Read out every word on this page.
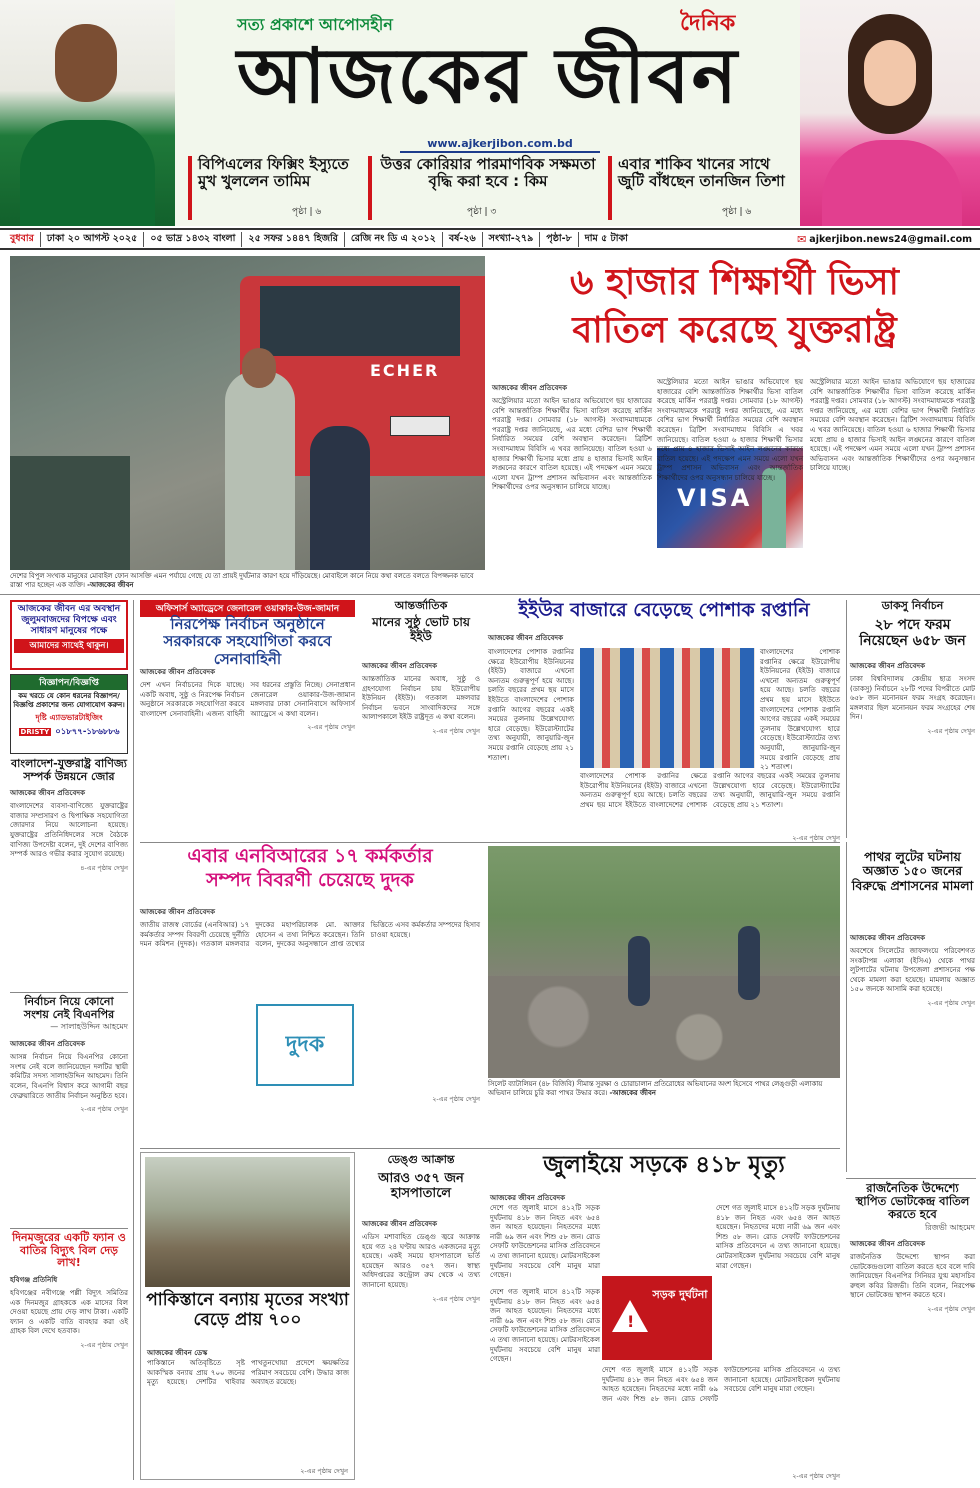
সত্য প্রকাশে আপোসহীন	দৈনিক
আজকের জীবন
www.ajkerjibon.com.bd
বিপিএলের ফিক্সিং ইস্যুতে মুখ খুললেন তামিম
পৃষ্ঠা | ৬
উত্তর কোরিয়ার পারমাণবিক সক্ষমতা বৃদ্ধি করা হবে : কিম
পৃষ্ঠা | ৩
এবার শাকিব খানের সাথে জুটি বাঁধছেন তানজিন তিশা
পৃষ্ঠা | ৬
বুধবার	ঢাকা ২০ আগস্ট ২০২৫	০৫ ভাদ্র ১৪৩২ বাংলা	২৫ সফর ১৪৪৭ হিজরি	রেজি নং ডি এ ২০১২	বর্ষ-২৬	সংখ্যা-২৭৯	পৃষ্ঠা-৮	দাম ৫ টাকা	✉ ajkerjibon.news24@gmail.com
ECHER
দেশের বিপুল সংখ্যক মানুষের মোবাইল ফোন আসক্তি এমন পর্যায়ে গেছে যে তা প্রায়ই দুর্ঘটনার কারণ হয়ে দাঁড়িয়েছে। মোবাইলে কানে নিয়ে কথা বলতে বলতে বিপজ্জনক ভাবে রাস্তা পার হচ্ছেন এক ব্যক্তি। -আজকের জীবন
৬ হাজার শিক্ষার্থী ভিসা
বাতিল করেছে যুক্তরাষ্ট্র
আজকের জীবন প্রতিবেদক
অস্ট্রেলিয়ার মতো আইন ভাঙার অভিযোগে ছয় হাজারের বেশি আন্তর্জাতিক শিক্ষার্থীর ভিসা বাতিল করেছে মার্কিন পররাষ্ট্র দপ্তর। সোমবার (১৮ আগস্ট) সংবাদমাধ্যমকে পররাষ্ট্র দপ্তর জানিয়েছে, এর মধ্যে বেশির ভাগ শিক্ষার্থী নির্ধারিত সময়ের বেশি অবস্থান করেছেন। ব্রিটিশ সংবাদমাধ্যম বিবিসি এ খবর জানিয়েছে। বাতিল হওয়া ৬ হাজার শিক্ষার্থী ভিসার মধ্যে প্রায় ৪ হাজার ভিসাই আইন লঙ্ঘনের কারণে বাতিল হয়েছে। এই পদক্ষেপ এমন সময়ে এলো যখন ট্রাম্প প্রশাসন অভিবাসন এবং আন্তর্জাতিক শিক্ষার্থীদের ওপর অনুসন্ধান চালিয়ে যাচ্ছে।	VISA
অস্ট্রেলিয়ার মতো আইন ভাঙার অভিযোগে ছয় হাজারের বেশি আন্তর্জাতিক শিক্ষার্থীর ভিসা বাতিল করেছে মার্কিন পররাষ্ট্র দপ্তর। সোমবার (১৮ আগস্ট) সংবাদমাধ্যমকে পররাষ্ট্র দপ্তর জানিয়েছে, এর মধ্যে বেশির ভাগ শিক্ষার্থী নির্ধারিত সময়ের বেশি অবস্থান করেছেন। ব্রিটিশ সংবাদমাধ্যম বিবিসি এ খবর জানিয়েছে। বাতিল হওয়া ৬ হাজার শিক্ষার্থী ভিসার মধ্যে প্রায় ৪ হাজার ভিসাই আইন লঙ্ঘনের কারণে বাতিল হয়েছে। এই পদক্ষেপ এমন সময়ে এলো যখন ট্রাম্প প্রশাসন অভিবাসন এবং আন্তর্জাতিক শিক্ষার্থীদের ওপর অনুসন্ধান চালিয়ে যাচ্ছে।
অস্ট্রেলিয়ার মতো আইন ভাঙার অভিযোগে ছয় হাজারের বেশি আন্তর্জাতিক শিক্ষার্থীর ভিসা বাতিল করেছে মার্কিন পররাষ্ট্র দপ্তর। সোমবার (১৮ আগস্ট) সংবাদমাধ্যমকে পররাষ্ট্র দপ্তর জানিয়েছে, এর মধ্যে বেশির ভাগ শিক্ষার্থী নির্ধারিত সময়ের বেশি অবস্থান করেছেন। ব্রিটিশ সংবাদমাধ্যম বিবিসি এ খবর জানিয়েছে। বাতিল হওয়া ৬ হাজার শিক্ষার্থী ভিসার মধ্যে প্রায় ৪ হাজার ভিসাই আইন লঙ্ঘনের কারণে বাতিল হয়েছে। এই পদক্ষেপ এমন সময়ে এলো যখন ট্রাম্প প্রশাসন অভিবাসন এবং আন্তর্জাতিক শিক্ষার্থীদের ওপর অনুসন্ধান চালিয়ে যাচ্ছে।
আজকের জীবন এর অবস্থান জুলুমবাজদের বিপক্ষে এবং সাধারণ মানুষের পক্ষে
আমাদের সাথেই থাকুন।
বিজ্ঞাপন/বিজ্ঞপ্তি
কম খরচে যে কোন ধরনের বিজ্ঞাপন/বিজ্ঞপ্তি প্রকাশের জন্য যোগাযোগ করুন।
দৃষ্টি এ্যাডভারটাইজিং
DRISTY ০১৮৭৭-১৮৬৮৮৬
বাংলাদেশ-যুক্তরাষ্ট্র বাণিজ্য সম্পর্ক উন্নয়নে জোর
আজকের জীবন প্রতিবেদক
বাংলাদেশের ব্যবসা-বাণিজ্যে যুক্তরাষ্ট্রের বাজার সম্প্রসারণ ও দ্বিপাক্ষিক সহযোগিতা জোরদার নিয়ে আলোচনা হয়েছে। যুক্তরাষ্ট্রের প্রতিনিধিদলের সঙ্গে বৈঠকে বাণিজ্য উপদেষ্টা বলেন, দুই দেশের বাণিজ্য সম্পর্ক আরও গভীর করার সুযোগ রয়েছে।
৪-এর পৃষ্ঠায় দেখুন
নির্বাচন নিয়ে কোনো সংশয় নেই বিএনপির
— সালাহউদ্দিন আহমেদ
আজকের জীবন প্রতিবেদক
আসন্ন নির্বাচন নিয়ে বিএনপির কোনো সংশয় নেই বলে জানিয়েছেন দলটির স্থায়ী কমিটির সদস্য সালাহউদ্দিন আহমেদ। তিনি বলেন, বিএনপি বিশ্বাস করে আগামী বছর ফেব্রুয়ারিতে জাতীয় নির্বাচন অনুষ্ঠিত হবে।
২-এর পৃষ্ঠায় দেখুন
দিনমজুরের একটি ফ্যান ও বাতির বিদ্যুৎ বিল দেড় লাখ!
হবিগঞ্জ প্রতিনিধি
হবিগঞ্জের নবীগঞ্জে পল্লী বিদ্যুৎ সমিতির এক দিনমজুর গ্রাহককে এক মাসের বিল দেওয়া হয়েছে প্রায় দেড় লাখ টাকা। একটি ফ্যান ও একটি বাতি ব্যবহার করা ওই গ্রাহক বিল দেখে হতবাক।
২-এর পৃষ্ঠায় দেখুন
অফিসার্স অ্যাড্রেসে জেনারেল ওয়াকার-উজ-জামান
নিরপেক্ষ নির্বাচন অনুষ্ঠানে সরকারকে সহযোগিতা করবে সেনাবাহিনী
আজকের জীবন প্রতিবেদক
দেশ এখন নির্বাচনের দিকে যাচ্ছে। একটি অবাধ, সুষ্ঠু ও নিরপেক্ষ নির্বাচন অনুষ্ঠানে সরকারকে সহযোগিতা করবে বাংলাদেশ সেনাবাহিনী। এজন্য বাহিনী সব ধরনের প্রস্তুতি নিচ্ছে। সেনাপ্রধান জেনারেল ওয়াকার-উজ-জামান মঙ্গলবার ঢাকা সেনানিবাসে অফিসার্স অ্যাড্রেসে এ কথা বলেন।
২-এর পৃষ্ঠায় দেখুন
আন্তর্জাতিক
মানের সুষ্ঠু ভোট চায় ইইউ
আজকের জীবন প্রতিবেদক
আন্তর্জাতিক মানের অবাধ, সুষ্ঠু ও গ্রহণযোগ্য নির্বাচন চায় ইউরোপীয় ইউনিয়ন (ইইউ)। গতকাল মঙ্গলবার নির্বাচন ভবনে সাংবাদিকদের সঙ্গে আলাপকালে ইইউ রাষ্ট্রদূত এ কথা বলেন।
২-এর পৃষ্ঠায় দেখুন
ইইউর বাজারে বেড়েছে পোশাক রপ্তানি
আজকের জীবন প্রতিবেদক
বাংলাদেশের পোশাক রপ্তানির ক্ষেত্রে ইউরোপীয় ইউনিয়নের (ইইউ) বাজারে এখনো অন্যতম গুরুত্বপূর্ণ হয়ে আছে। চলতি বছরের প্রথম ছয় মাসে ইইউতে বাংলাদেশের পোশাক রপ্তানি আগের বছরের একই সময়ের তুলনায় উল্লেখযোগ্য হারে বেড়েছে। ইউরোস্ট্যাটের তথ্য অনুযায়ী, জানুয়ারি-জুন সময়ে রপ্তানি বেড়েছে প্রায় ২১ শতাংশ।
বাংলাদেশের পোশাক রপ্তানির ক্ষেত্রে ইউরোপীয় ইউনিয়নের (ইইউ) বাজারে এখনো অন্যতম গুরুত্বপূর্ণ হয়ে আছে। চলতি বছরের প্রথম ছয় মাসে ইইউতে বাংলাদেশের পোশাক রপ্তানি আগের বছরের একই সময়ের তুলনায় উল্লেখযোগ্য হারে বেড়েছে। ইউরোস্ট্যাটের তথ্য অনুযায়ী, জানুয়ারি-জুন সময়ে রপ্তানি বেড়েছে প্রায় ২১ শতাংশ।
বাংলাদেশের পোশাক রপ্তানির ক্ষেত্রে ইউরোপীয় ইউনিয়নের (ইইউ) বাজারে এখনো অন্যতম গুরুত্বপূর্ণ হয়ে আছে। চলতি বছরের প্রথম ছয় মাসে ইইউতে বাংলাদেশের পোশাক রপ্তানি আগের বছরের একই সময়ের তুলনায় উল্লেখযোগ্য হারে বেড়েছে। ইউরোস্ট্যাটের তথ্য অনুযায়ী, জানুয়ারি-জুন সময়ে রপ্তানি বেড়েছে প্রায় ২১ শতাংশ।
২-এর পৃষ্ঠায় দেখুন
ডাকসু নির্বাচন
২৮ পদে ফরম নিয়েছেন ৬৫৮ জন
আজকের জীবন প্রতিবেদক
ঢাকা বিশ্ববিদ্যালয় কেন্দ্রীয় ছাত্র সংসদ (ডাকসু) নির্বাচনে ২৮টি পদের বিপরীতে মোট ৬৫৮ জন মনোনয়ন ফরম সংগ্রহ করেছেন। মঙ্গলবার ছিল মনোনয়ন ফরম সংগ্রহের শেষ দিন।
২-এর পৃষ্ঠায় দেখুন
এবার এনবিআরের ১৭ কর্মকর্তার
সম্পদ বিবরণী চেয়েছে দুদক
আজকের জীবন প্রতিবেদক
জাতীয় রাজস্ব বোর্ডের (এনবিআর) ১৭ কর্মকর্তার সম্পদ বিবরণী চেয়েছে দুর্নীতি দমন কমিশন (দুদক)। গতকাল মঙ্গলবার দুদকের মহাপরিচালক মো. আক্তার হোসেন এ তথ্য নিশ্চিত করেছেন। তিনি বলেন, দুদকের অনুসন্ধানে প্রাপ্ত তথ্যের ভিত্তিতে এসব কর্মকর্তার সম্পদের হিসাব চাওয়া হয়েছে।
২-এর পৃষ্ঠায় দেখুন
দুদক
সিলেট ব্যাটালিয়ন (৪৮ বিজিবি) সীমান্ত সুরক্ষা ও চোরাচালান প্রতিরোধের অভিযানের অংশ হিসেবে পাথর লেঙ্গুড়ী এলাকায় অভিযান চালিয়ে চুরি করা পাথর উদ্ধার করে। -আজকের জীবন
পাথর লুটের ঘটনায় অজ্ঞাত ১৫০ জনের বিরুদ্ধে প্রশাসনের মামলা
আজকের জীবন প্রতিবেদক
অবশেষে সিলেটের জাফলংয়ে পরিবেশগত সংকটাপন্ন এলাকা (ইসিএ) থেকে পাথর লুটপাটের ঘটনায় উপজেলা প্রশাসনের পক্ষ থেকে মামলা করা হয়েছে। মামলায় অজ্ঞাত ১৫০ জনকে আসামি করা হয়েছে।
২-এর পৃষ্ঠায় দেখুন
পাকিস্তানে বন্যায় মৃতের সংখ্যা বেড়ে প্রায় ৭০০
আজকের জীবন ডেস্ক
পাকিস্তানে অতিবৃষ্টিতে সৃষ্ট আকস্মিক বন্যায় প্রায় ৭০০ জনের মৃত্যু হয়েছে। দেশটির খাইবার পাখতুনখোয়া প্রদেশে ক্ষয়ক্ষতির পরিমাণ সবচেয়ে বেশি। উদ্ধার কাজ অব্যাহত রয়েছে।
২-এর পৃষ্ঠায় দেখুন
ডেঙ্গু আক্রান্ত
আরও ৩৫৭ জন হাসপাতালে
আজকের জীবন প্রতিবেদক
এডিস মশাবাহিত ডেঙ্গু জ্বরে আক্রান্ত হয়ে গত ২৪ ঘণ্টায় আরও একজনের মৃত্যু হয়েছে। একই সময়ে হাসপাতালে ভর্তি হয়েছেন আরও ৩৫৭ জন। স্বাস্থ্য অধিদপ্তরের কন্ট্রোল রুম থেকে এ তথ্য জানানো হয়েছে।
২-এর পৃষ্ঠায় দেখুন
জুলাইয়ে সড়কে ৪১৮ মৃত্যু
আজকের জীবন প্রতিবেদক
দেশে গত জুলাই মাসে ৪১২টি সড়ক দুর্ঘটনায় ৪১৮ জন নিহত এবং ৬৫৪ জন আহত হয়েছেন। নিহতদের মধ্যে নারী ৬৯ জন এবং শিশু ৫৮ জন। রোড সেফটি ফাউন্ডেশনের মাসিক প্রতিবেদনে এ তথ্য জানানো হয়েছে। মোটরসাইকেল দুর্ঘটনায় সবচেয়ে বেশি মানুষ মারা গেছেন।
!
সড়ক দুর্ঘটনা
দেশে গত জুলাই মাসে ৪১২টি সড়ক দুর্ঘটনায় ৪১৮ জন নিহত এবং ৬৫৪ জন আহত হয়েছেন। নিহতদের মধ্যে নারী ৬৯ জন এবং শিশু ৫৮ জন। রোড সেফটি ফাউন্ডেশনের মাসিক প্রতিবেদনে এ তথ্য জানানো হয়েছে। মোটরসাইকেল দুর্ঘটনায় সবচেয়ে বেশি মানুষ মারা গেছেন।
দেশে গত জুলাই মাসে ৪১২টি সড়ক দুর্ঘটনায় ৪১৮ জন নিহত এবং ৬৫৪ জন আহত হয়েছেন। নিহতদের মধ্যে নারী ৬৯ জন এবং শিশু ৫৮ জন। রোড সেফটি ফাউন্ডেশনের মাসিক প্রতিবেদনে এ তথ্য জানানো হয়েছে। মোটরসাইকেল দুর্ঘটনায় সবচেয়ে বেশি মানুষ মারা গেছেন।
দেশে গত জুলাই মাসে ৪১২টি সড়ক দুর্ঘটনায় ৪১৮ জন নিহত এবং ৬৫৪ জন আহত হয়েছেন। নিহতদের মধ্যে নারী ৬৯ জন এবং শিশু ৫৮ জন। রোড সেফটি ফাউন্ডেশনের মাসিক প্রতিবেদনে এ তথ্য জানানো হয়েছে। মোটরসাইকেল দুর্ঘটনায় সবচেয়ে বেশি মানুষ মারা গেছেন।
২-এর পৃষ্ঠায় দেখুন
রাজনৈতিক উদ্দেশ্যে স্থাপিত ভোটকেন্দ্র বাতিল করতে হবে
রিজভী আহমেদ
আজকের জীবন প্রতিবেদক
রাজনৈতিক উদ্দেশ্যে স্থাপন করা ভোটকেন্দ্রগুলো বাতিল করতে হবে বলে দাবি জানিয়েছেন বিএনপির সিনিয়র যুগ্ম মহাসচিব রুহুল কবির রিজভী। তিনি বলেন, নিরপেক্ষ স্থানে ভোটকেন্দ্র স্থাপন করতে হবে।
২-এর পৃষ্ঠায় দেখুন
